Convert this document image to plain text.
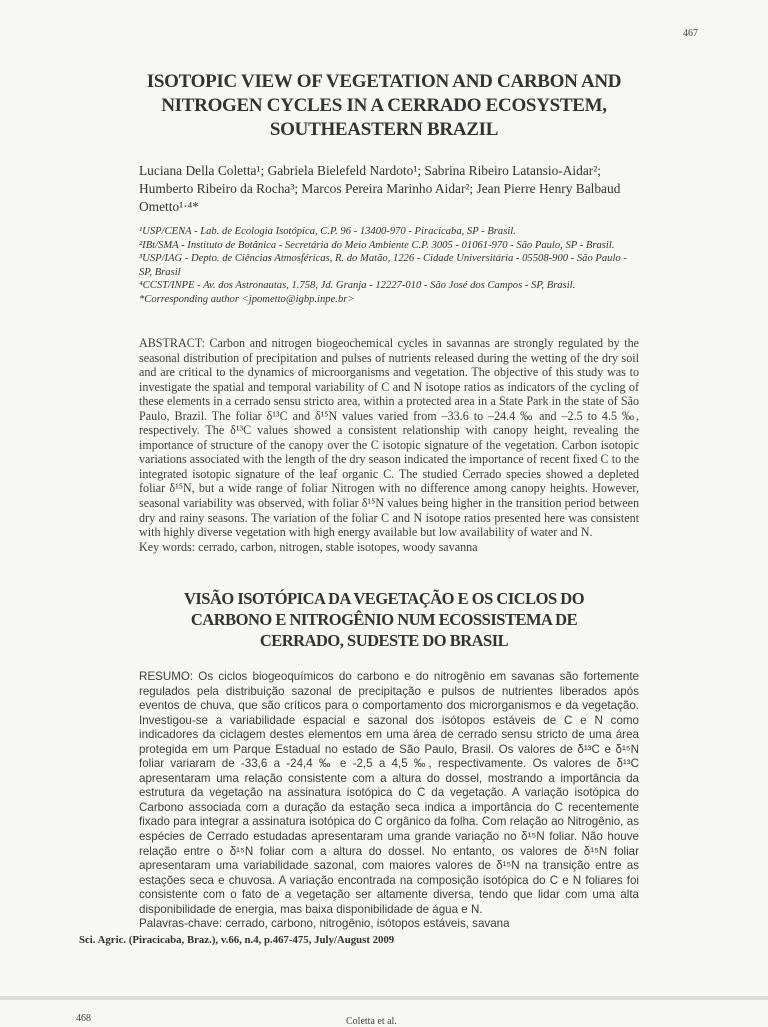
467
ISOTOPIC VIEW OF VEGETATION AND CARBON AND
NITROGEN CYCLES IN A CERRADO ECOSYSTEM,
SOUTHEASTERN BRAZIL
Luciana Della Coletta¹; Gabriela Bielefeld Nardoto¹; Sabrina Ribeiro Latansio-Aidar²;
Humberto Ribeiro da Rocha³; Marcos Pereira Marinho Aidar²; Jean Pierre Henry Balbaud
Ometto¹·⁴*
¹USP/CENA - Lab. de Ecologia Isotópica, C.P. 96 - 13400-970 - Piracicaba, SP - Brasil.
²IBt/SMA - Instituto de Botânica - Secretária do Meio Ambiente C.P. 3005 - 01061-970 - São Paulo, SP - Brasil.
³USP/IAG - Depto. de Ciências Atmosféricas, R. do Matão, 1226 - Cidade Universitária - 05508-900 - São Paulo - SP, Brasil
⁴CCST/INPE - Av. dos Astronautas, 1.758, Jd. Granja - 12227-010 - São José dos Campos - SP, Brasil.
*Corresponding author <jpometto@igbp.inpe.br>
ABSTRACT: Carbon and nitrogen biogeochemical cycles in savannas are strongly regulated by the seasonal distribution of precipitation and pulses of nutrients released during the wetting of the dry soil and are critical to the dynamics of microorganisms and vegetation. The objective of this study was to investigate the spatial and temporal variability of C and N isotope ratios as indicators of the cycling of these elements in a cerrado sensu stricto area, within a protected area in a State Park in the state of São Paulo, Brazil. The foliar δ¹³C and δ¹⁵N values varied from –33.6 to –24.4 ‰ and –2.5 to 4.5 ‰, respectively. The δ¹³C values showed a consistent relationship with canopy height, revealing the importance of structure of the canopy over the C isotopic signature of the vegetation. Carbon isotopic variations associated with the length of the dry season indicated the importance of recent fixed C to the integrated isotopic signature of the leaf organic C. The studied Cerrado species showed a depleted foliar δ¹⁵N, but a wide range of foliar Nitrogen with no difference among canopy heights. However, seasonal variability was observed, with foliar δ¹⁵N values being higher in the transition period between dry and rainy seasons. The variation of the foliar C and N isotope ratios presented here was consistent with highly diverse vegetation with high energy available but low availability of water and N.
Key words: cerrado, carbon, nitrogen, stable isotopes, woody savanna
VISÃO ISOTÓPICA DA VEGETAÇÃO E OS CICLOS DO
CARBONO E NITROGÊNIO NUM ECOSSISTEMA DE
CERRADO, SUDESTE DO BRASIL
RESUMO: Os ciclos biogeoquímicos do carbono e do nitrogênio em savanas são fortemente regulados pela distribuição sazonal de precipitação e pulsos de nutrientes liberados após eventos de chuva, que são críticos para o comportamento dos microrganismos e da vegetação. Investigou-se a variabilidade espacial e sazonal dos isótopos estáveis de C e N como indicadores da ciclagem destes elementos em uma área de cerrado sensu stricto de uma área protegida em um Parque Estadual no estado de São Paulo, Brasil. Os valores de δ¹³C e δ¹⁵N foliar variaram de -33,6 a -24,4 ‰ e -2,5 a 4,5 ‰, respectivamente. Os valores de δ¹³C apresentaram uma relação consistente com a altura do dossel, mostrando a importância da estrutura da vegetação na assinatura isotópica do C da vegetação. A variação isotópica do Carbono associada com a duração da estação seca indica a importância do C recentemente fixado para integrar a assinatura isotópica do C orgânico da folha. Com relação ao Nitrogênio, as espécies de Cerrado estudadas apresentaram uma grande variação no δ¹⁵N foliar. Não houve relação entre o δ¹⁵N foliar com a altura do dossel. No entanto, os valores de δ¹⁵N foliar apresentaram uma variabilidade sazonal, com maiores valores de δ¹⁵N na transição entre as estações seca e chuvosa. A variação encontrada na composição isotópica do C e N foliares foi consistente com o fato de a vegetação ser altamente diversa, tendo que lidar com uma alta disponibilidade de energia, mas baixa disponibilidade de água e N.
Palavras-chave: cerrado, carbono, nitrogênio, isótopos estáveis, savana
Sci. Agric. (Piracicaba, Braz.), v.66, n.4, p.467-475, July/August 2009
468	Coletta et al.
